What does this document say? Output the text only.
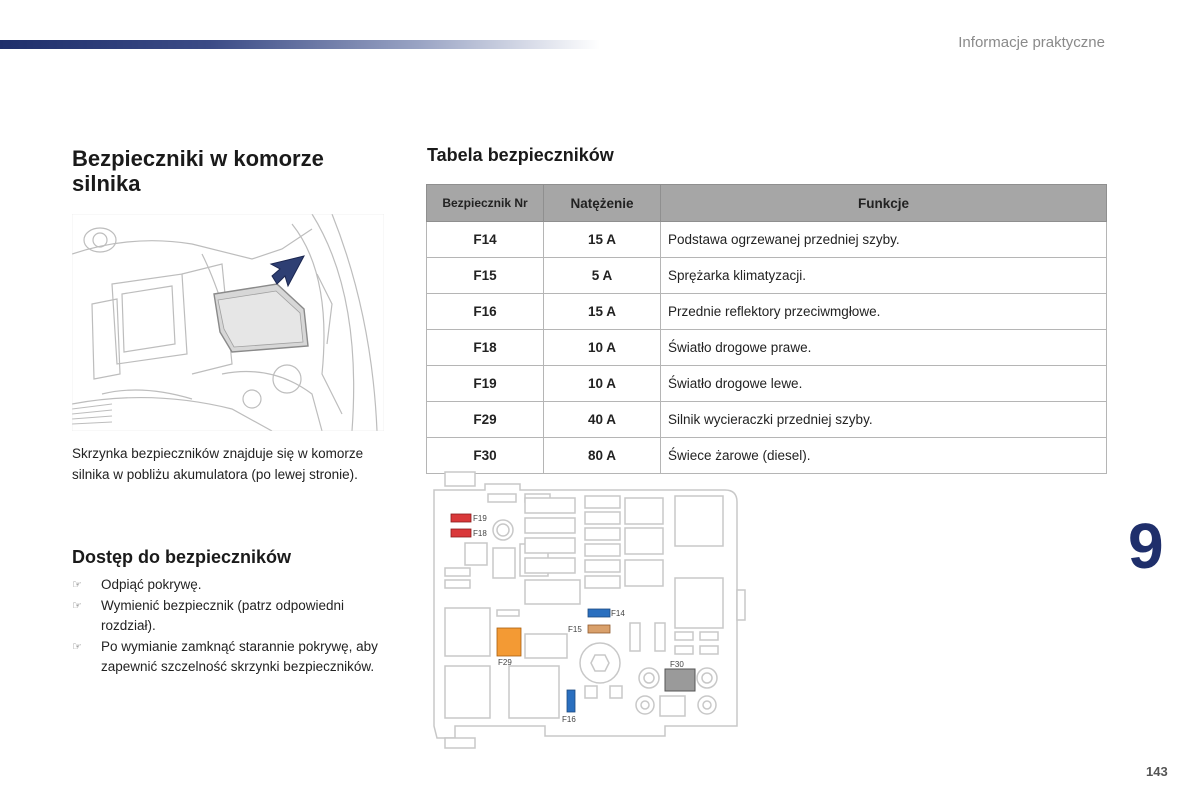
Informacje praktyczne
Bezpieczniki w komorze silnika
Skrzynka bezpieczników znajduje się w komorze silnika w pobliżu akumulatora (po lewej stronie).
Dostęp do bezpieczników
☞ Odpiąć pokrywę.
☞ Wymienić bezpiecznik (patrz odpowiedni rozdział).
☞ Po wymianie zamknąć starannie pokrywę, aby zapewnić szczelność skrzynki bezpieczników.
Tabela bezpieczników
Bezpiecznik Nr	Natężenie	Funkcje
F14	15 A	Podstawa ogrzewanej przedniej szyby.
F15	5 A	Sprężarka klimatyzacji.
F16	15 A	Przednie reflektory przeciwmgłowe.
F18	10 A	Światło drogowe prawe.
F19	10 A	Światło drogowe lewe.
F29	40 A	Silnik wycieraczki przedniej szyby.
F30	80 A	Świece żarowe (diesel).
F19
F18
F14
F15
F29
F16
F30
9
143
